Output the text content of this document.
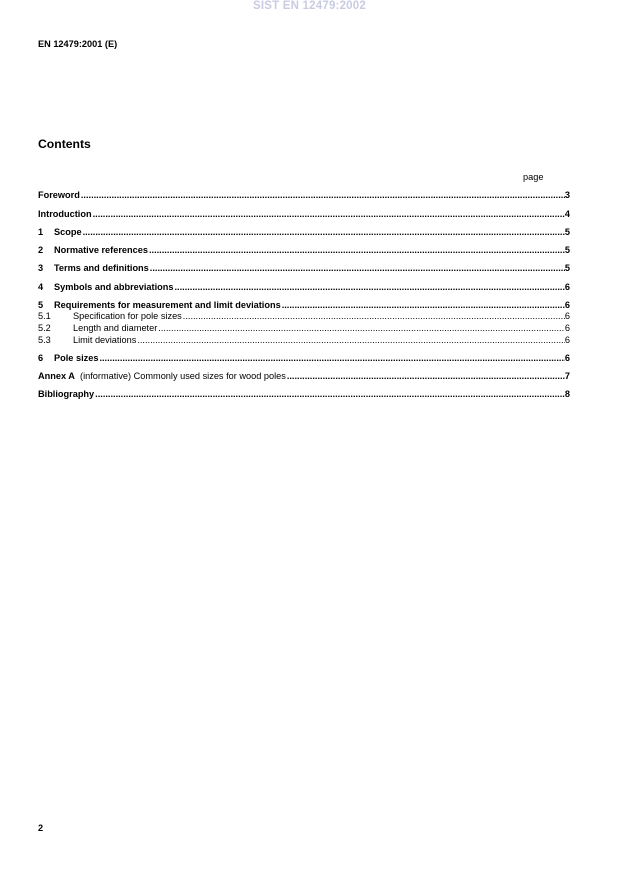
SIST EN 12479:2002
EN 12479:2001 (E)
Contents
page
Foreword .....	3
Introduction .....	4
1	Scope .....	5
2	Normative references .....	5
3	Terms and definitions .....	5
4	Symbols and abbreviations .....	6
5	Requirements for measurement and limit deviations .....	6
5.1	Specification for pole sizes .....	6
5.2	Length and diameter .....	6
5.3	Limit deviations .....	6
6	Pole sizes .....	6
Annex A (informative) Commonly used sizes for wood poles .....	7
Bibliography .....	8
2
